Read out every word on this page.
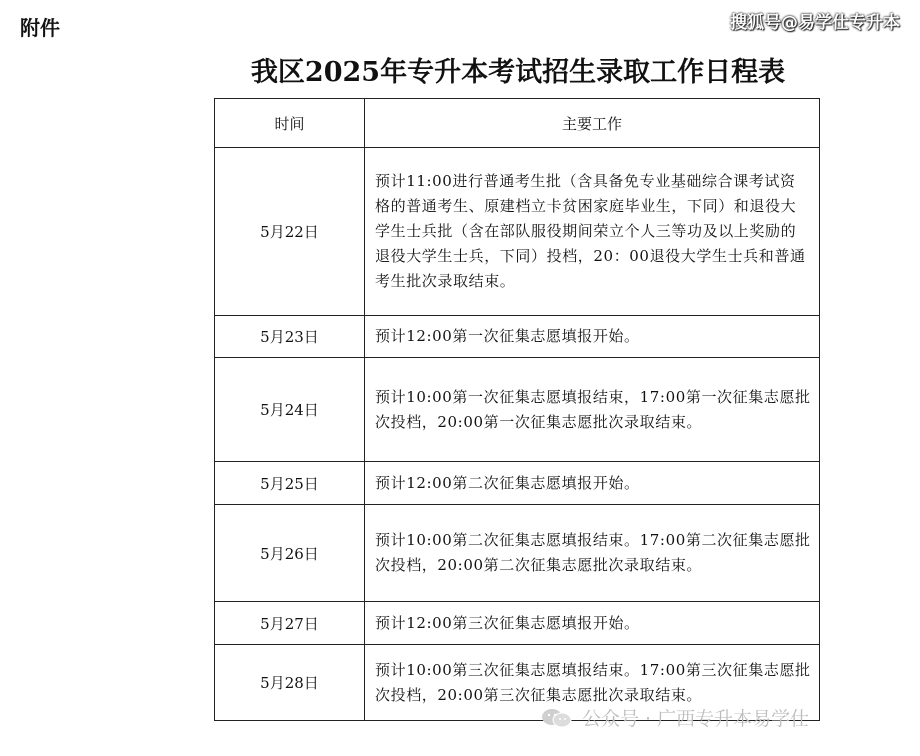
附件	搜狐号@易学仕专升本
我区2025年专升本考试招生录取工作日程表
时间	主要工作
5月22日	预计11:00进行普通考生批（含具备免专业基础综合课考试资格的普通考生、原建档立卡贫困家庭毕业生，下同）和退役大学生士兵批（含在部队服役期间荣立个人三等功及以上奖励的退役大学生士兵，下同）投档，20：00退役大学生士兵和普通考生批次录取结束。
5月23日	预计12:00第一次征集志愿填报开始。
5月24日	预计10:00第一次征集志愿填报结束，17:00第一次征集志愿批次投档，20:00第一次征集志愿批次录取结束。
5月25日	预计12:00第二次征集志愿填报开始。
5月26日	预计10:00第二次征集志愿填报结束。17:00第二次征集志愿批次投档，20:00第二次征集志愿批次录取结束。
5月27日	预计12:00第三次征集志愿填报开始。
5月28日	预计10:00第三次征集志愿填报结束。17:00第三次征集志愿批次投档，20:00第三次征集志愿批次录取结束。
公众号 · 广西专升本易学仕
